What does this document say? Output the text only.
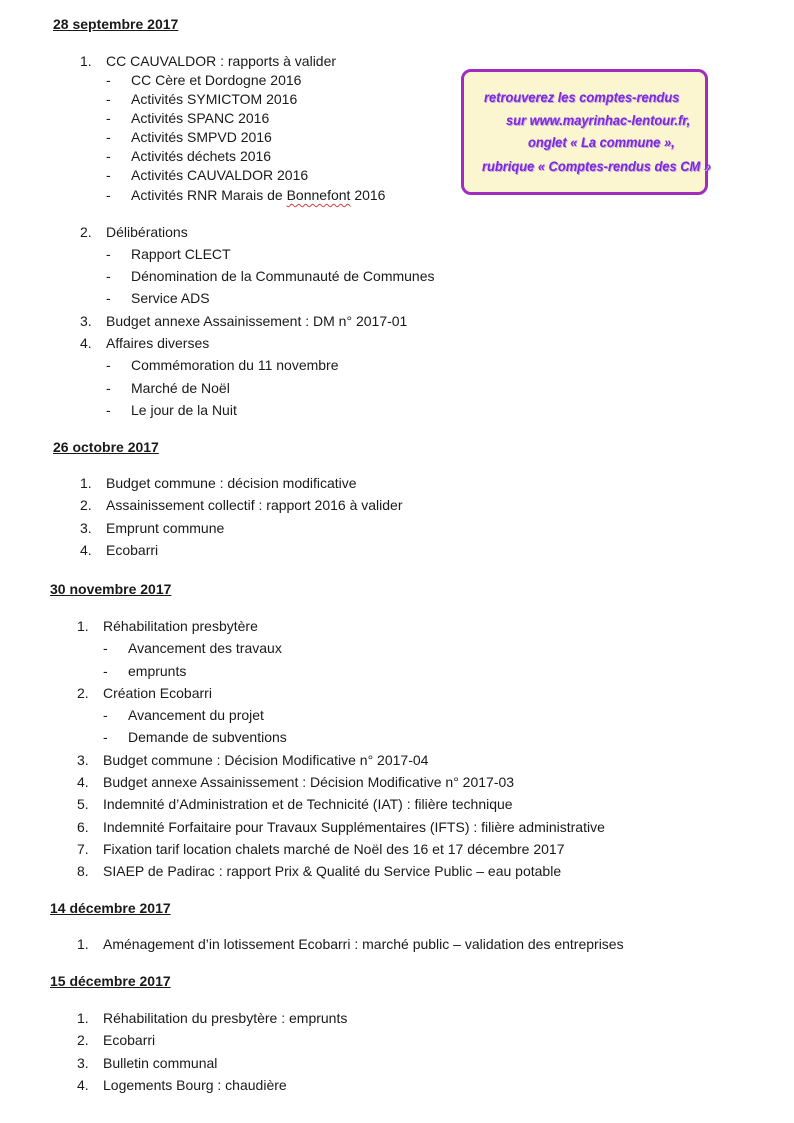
28 septembre 2017

1.	CC CAUVALDOR : rapports à valider
- CC Cère et Dordogne 2016
- Activités SYMICTOM 2016
- Activités SPANC 2016
- Activités SMPVD 2016
- Activités déchets 2016
- Activités CAUVALDOR 2016
- Activités RNR Marais de Bonnefont 2016
2.	Délibérations
- Rapport CLECT
- Dénomination de la Communauté de Communes
- Service ADS
3.	Budget annexe Assainissement : DM n° 2017-01
4.	Affaires diverses
- Commémoration du 11 novembre
- Marché de Noël
- Le jour de la Nuit
retrouverez les comptes-rendus
sur www.mayrinhac-lentour.fr,
onglet « La commune »,
rubrique « Comptes-rendus des CM »

26 octobre 2017

1.	Budget commune : décision modificative
2.	Assainissement collectif : rapport 2016 à valider
3.	Emprunt commune
4.	Ecobarri

30 novembre 2017

1.	Réhabilitation presbytère
- Avancement des travaux
- emprunts
2.	Création Ecobarri
- Avancement du projet
- Demande de subventions
3.	Budget commune : Décision Modificative n° 2017-04
4.	Budget annexe Assainissement : Décision Modificative n° 2017-03
5.	Indemnité d’Administration et de Technicité (IAT) : filière technique
6.	Indemnité Forfaitaire pour Travaux Supplémentaires (IFTS) : filière administrative
7.	Fixation tarif location chalets marché de Noël des 16 et 17 décembre 2017
8.	SIAEP de Padirac : rapport Prix & Qualité du Service Public – eau potable

14 décembre 2017

1.	Aménagement d’in lotissement Ecobarri : marché public – validation des entreprises

15 décembre 2017

1.	Réhabilitation du presbytère : emprunts
2.	Ecobarri
3.	Bulletin communal
4.	Logements Bourg : chaudière
